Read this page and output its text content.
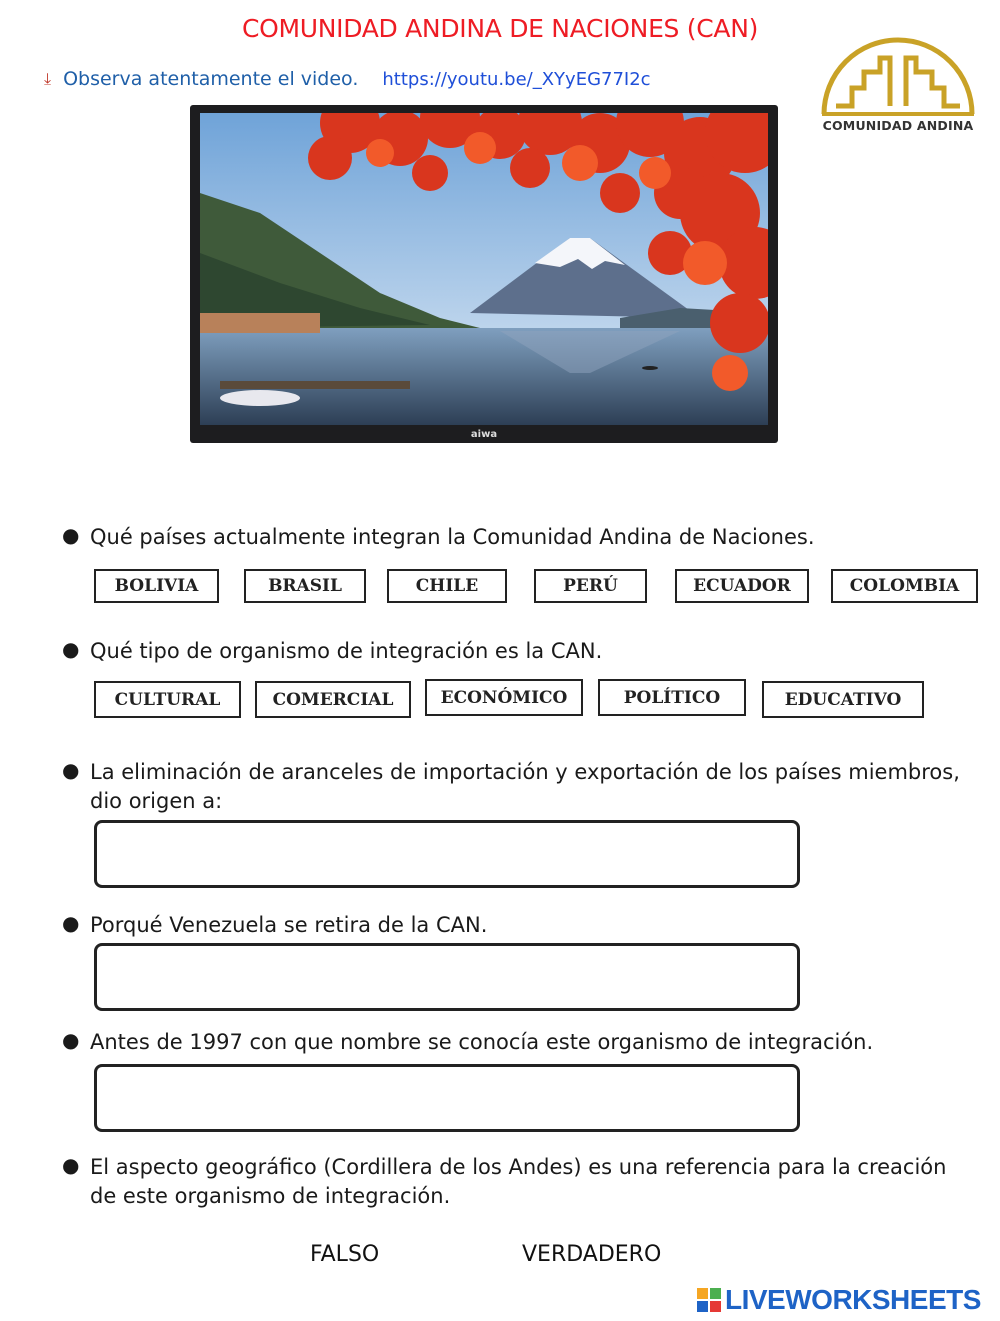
COMUNIDAD ANDINA DE NACIONES (CAN)
⤓ Observa atentamente el video. https://youtu.be/_XYyEG77I2c
COMUNIDAD ANDINA
aiwa
● Qué países actualmente integran la Comunidad Andina de Naciones.
BOLIVIA	BRASIL	CHILE	PERÚ	ECUADOR	COLOMBIA
● Qué tipo de organismo de integración es la CAN.
CULTURAL	COMERCIAL	ECONÓMICO	POLÍTICO	EDUCATIVO
● La eliminación de aranceles de importación y exportación de los países miembros, dio origen a:
● Porqué Venezuela se retira de la CAN.
● Antes de 1997 con que nombre se conocía este organismo de integración.
● El aspecto geográfico (Cordillera de los Andes) es una referencia para la creación de este organismo de integración.
FALSO	VERDADERO
LIVEWORKSHEETS
